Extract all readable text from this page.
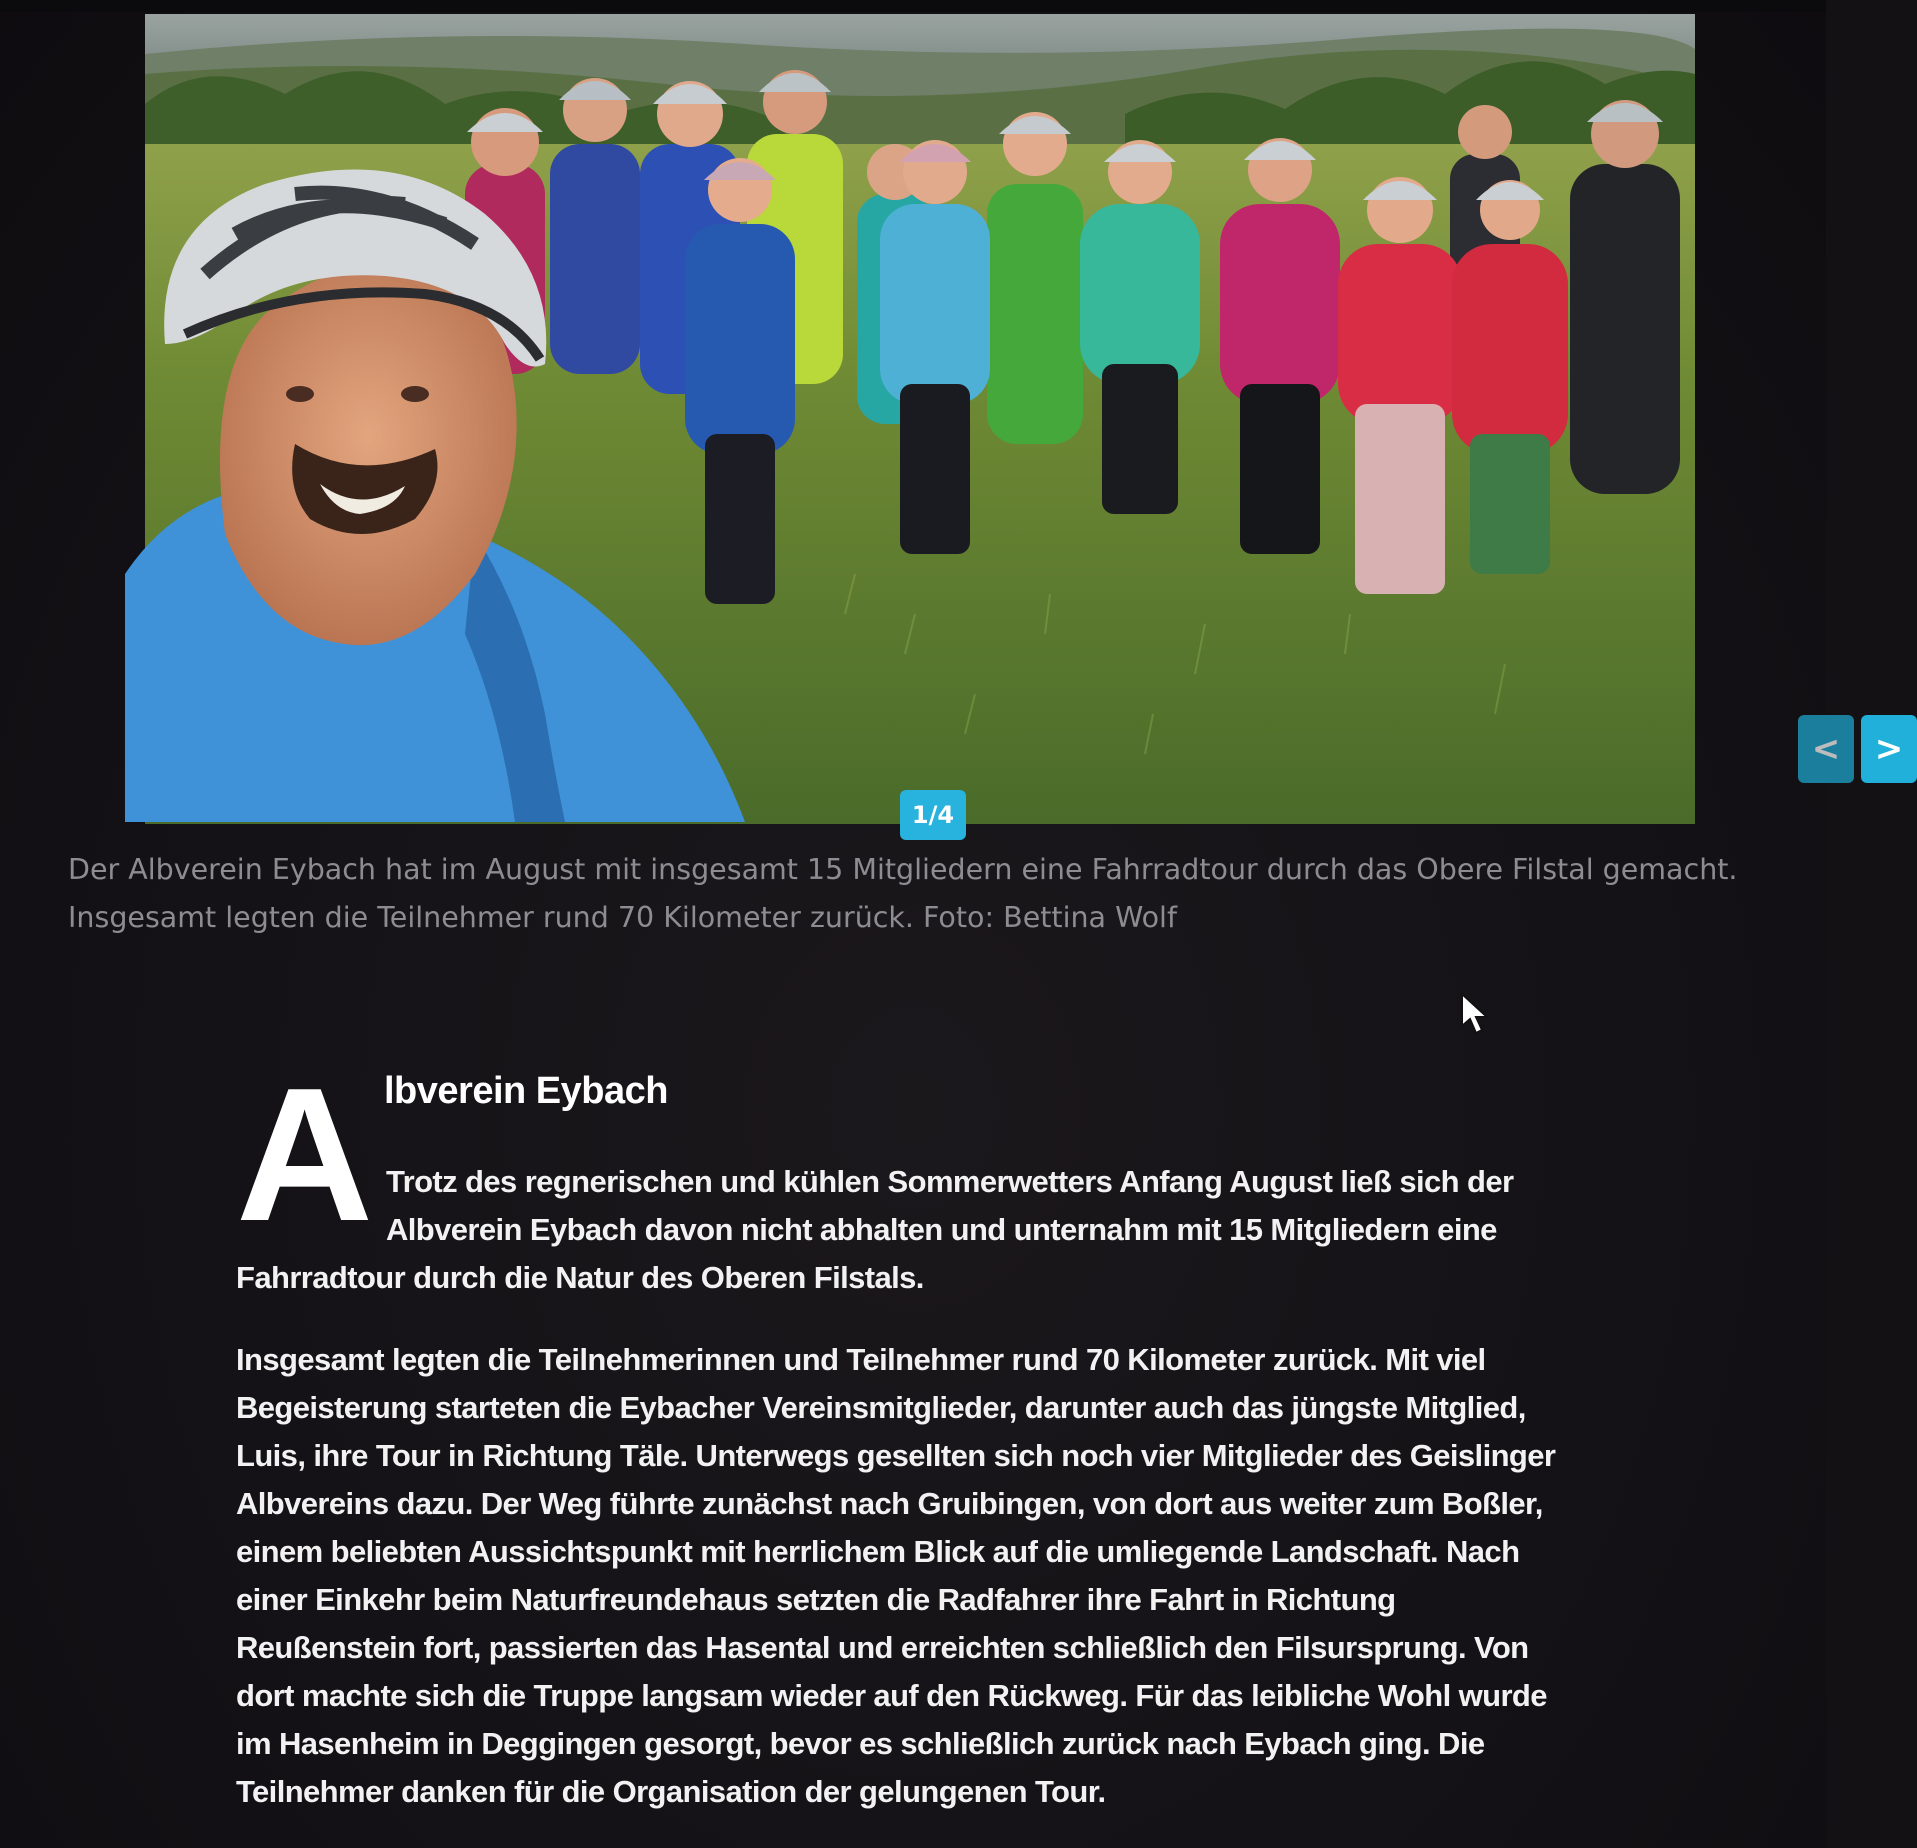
<	>
1/4
Der Albverein Eybach hat im August mit insgesamt 15 Mitgliedern eine Fahrradtour durch das Obere Filstal gemacht.
Insgesamt legten die Teilnehmer rund 70 Kilometer zurück. Foto: Bettina Wolf
A lbverein Eybach
Trotz des regnerischen und kühlen Sommerwetters Anfang August ließ sich der
Albverein Eybach davon nicht abhalten und unternahm mit 15 Mitgliedern eine
Fahrradtour durch die Natur des Oberen Filstals.
Insgesamt legten die Teilnehmerinnen und Teilnehmer rund 70 Kilometer zurück. Mit viel
Begeisterung starteten die Eybacher Vereinsmitglieder, darunter auch das jüngste Mitglied,
Luis, ihre Tour in Richtung Täle. Unterwegs gesellten sich noch vier Mitglieder des Geislinger
Albvereins dazu. Der Weg führte zunächst nach Gruibingen, von dort aus weiter zum Boßler,
einem beliebten Aussichtspunkt mit herrlichem Blick auf die umliegende Landschaft. Nach
einer Einkehr beim Naturfreundehaus setzten die Radfahrer ihre Fahrt in Richtung
Reußenstein fort, passierten das Hasental und erreichten schließlich den Filsursprung. Von
dort machte sich die Truppe langsam wieder auf den Rückweg. Für das leibliche Wohl wurde
im Hasenheim in Deggingen gesorgt, bevor es schließlich zurück nach Eybach ging. Die
Teilnehmer danken für die Organisation der gelungenen Tour.
